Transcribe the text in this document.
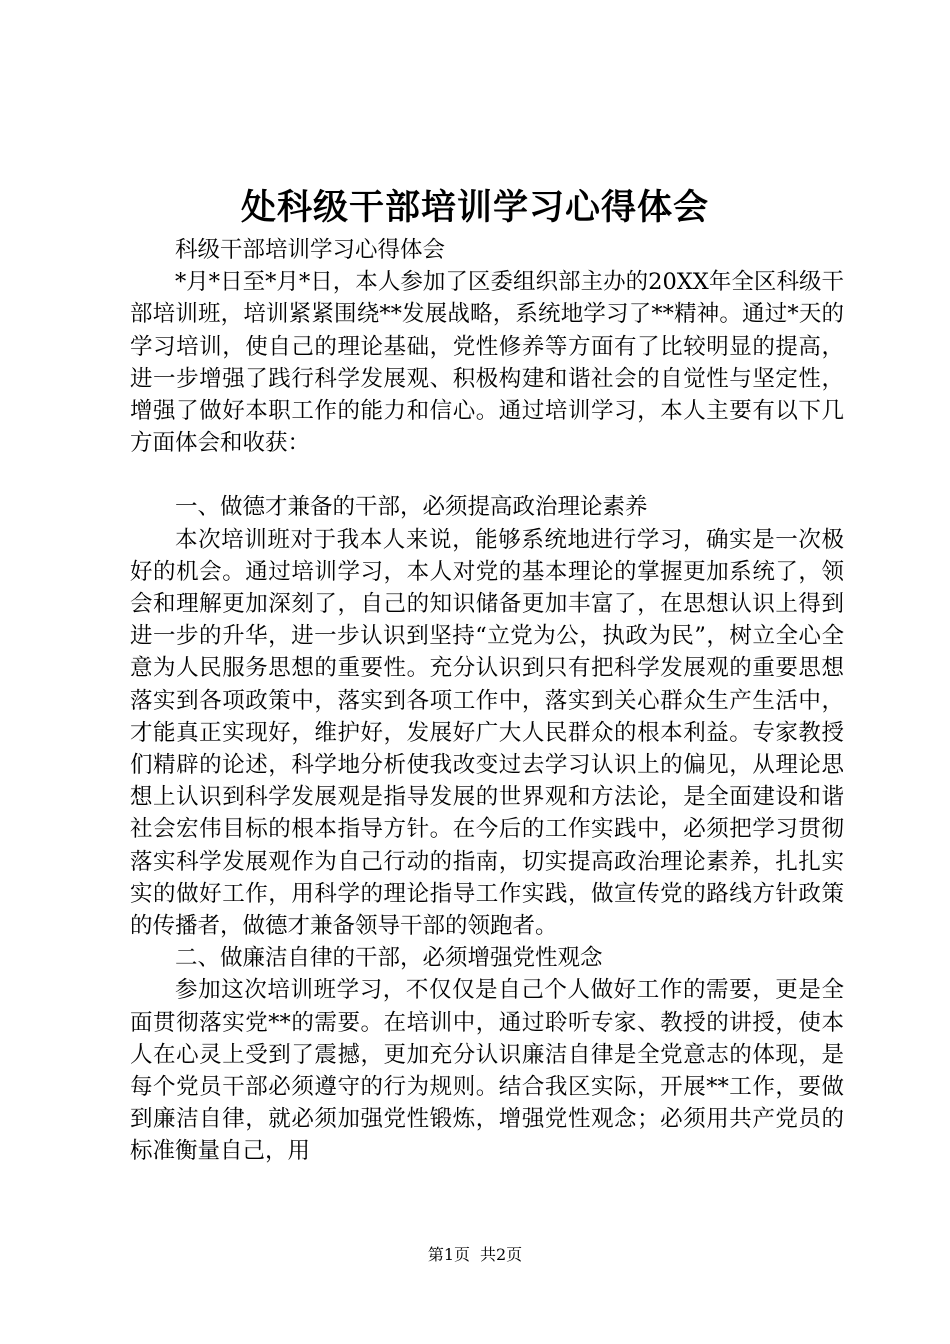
处科级干部培训学习心得体会

科级干部培训学习心得体会

*月*日至*月*日，本人参加了区委组织部主办的20XX年全区科级干部培训班，培训紧紧围绕**发展战略，系统地学习了**精神。通过*天的学习培训，使自己的理论基础，党性修养等方面有了比较明显的提高，进一步增强了践行科学发展观、积极构建和谐社会的自觉性与坚定性，增强了做好本职工作的能力和信心。通过培训学习，本人主要有以下几方面体会和收获：

一、做德才兼备的干部，必须提高政治理论素养

本次培训班对于我本人来说，能够系统地进行学习，确实是一次极好的机会。通过培训学习，本人对党的基本理论的掌握更加系统了，领会和理解更加深刻了，自己的知识储备更加丰富了，在思想认识上得到进一步的升华，进一步认识到坚持“立党为公，执政为民”，树立全心全意为人民服务思想的重要性。充分认识到只有把科学发展观的重要思想落实到各项政策中，落实到各项工作中，落实到关心群众生产生活中，才能真正实现好，维护好，发展好广大人民群众的根本利益。专家教授们精辟的论述，科学地分析使我改变过去学习认识上的偏见，从理论思想上认识到科学发展观是指导发展的世界观和方法论，是全面建设和谐社会宏伟目标的根本指导方针。在今后的工作实践中，必须把学习贯彻落实科学发展观作为自己行动的指南，切实提高政治理论素养，扎扎实实的做好工作，用科学的理论指导工作实践，做宣传党的路线方针政策的传播者，做德才兼备领导干部的领跑者。

二、做廉洁自律的干部，必须增强党性观念

参加这次培训班学习，不仅仅是自己个人做好工作的需要，更是全面贯彻落实党**的需要。在培训中，通过聆听专家、教授的讲授，使本人在心灵上受到了震撼，更加充分认识廉洁自律是全党意志的体现，是每个党员干部必须遵守的行为规则。结合我区实际，开展**工作，要做到廉洁自律，就必须加强党性锻炼，增强党性观念；必须用共产党员的标准衡量自己，用

第1页 共2页
